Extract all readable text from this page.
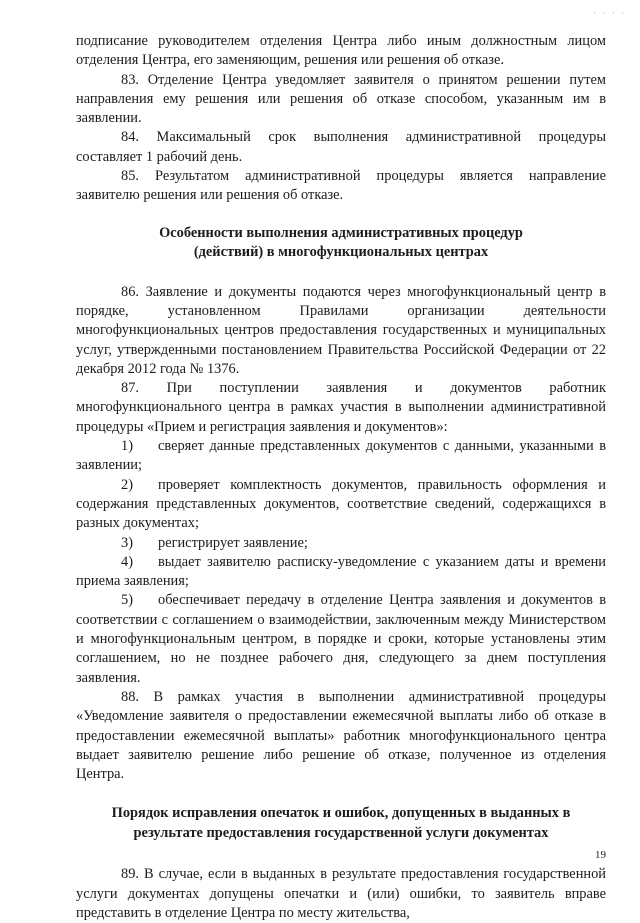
· · · ·

подписание руководителем отделения Центра либо иным должностным лицом отделения Центра, его заменяющим, решения или решения об отказе.

83. Отделение Центра уведомляет заявителя о принятом решении путем направления ему решения или решения об отказе способом, указанным им в заявлении.

84. Максимальный срок выполнения административной процедуры составляет 1 рабочий день.

85. Результатом административной процедуры является направление заявителю решения или решения об отказе.

Особенности выполнения административных процедур
(действий) в многофункциональных центрах

86. Заявление и документы подаются через многофункциональный центр в порядке, установленном Правилами организации деятельности многофункциональных центров предоставления государственных и муниципальных услуг, утвержденными постановлением Правительства Российской Федерации от 22 декабря 2012 года № 1376.

87. При поступлении заявления и документов работник многофункционального центра в рамках участия в выполнении административной процедуры «Прием и регистрация заявления и документов»:

1) сверяет данные представленных документов с данными, указанными в заявлении;

2) проверяет комплектность документов, правильность оформления и содержания представленных документов, соответствие сведений, содержащихся в разных документах;

3) регистрирует заявление;

4) выдает заявителю расписку-уведомление с указанием даты и времени приема заявления;

5) обеспечивает передачу в отделение Центра заявления и документов в соответствии с соглашением о взаимодействии, заключенным между Министерством и многофункциональным центром, в порядке и сроки, которые установлены этим соглашением, но не позднее рабочего дня, следующего за днем поступления заявления.

88. В рамках участия в выполнении административной процедуры «Уведомление заявителя о предоставлении ежемесячной выплаты либо об отказе в предоставлении ежемесячной выплаты» работник многофункционального центра выдает заявителю решение либо решение об отказе, полученное из отделения Центра.

Порядок исправления опечаток и ошибок, допущенных в выданных в
результате предоставления государственной услуги документах

89. В случае, если в выданных в результате предоставления государственной услуги документах допущены опечатки и (или) ошибки, то заявитель вправе представить в отделение Центра по месту жительства,

19
